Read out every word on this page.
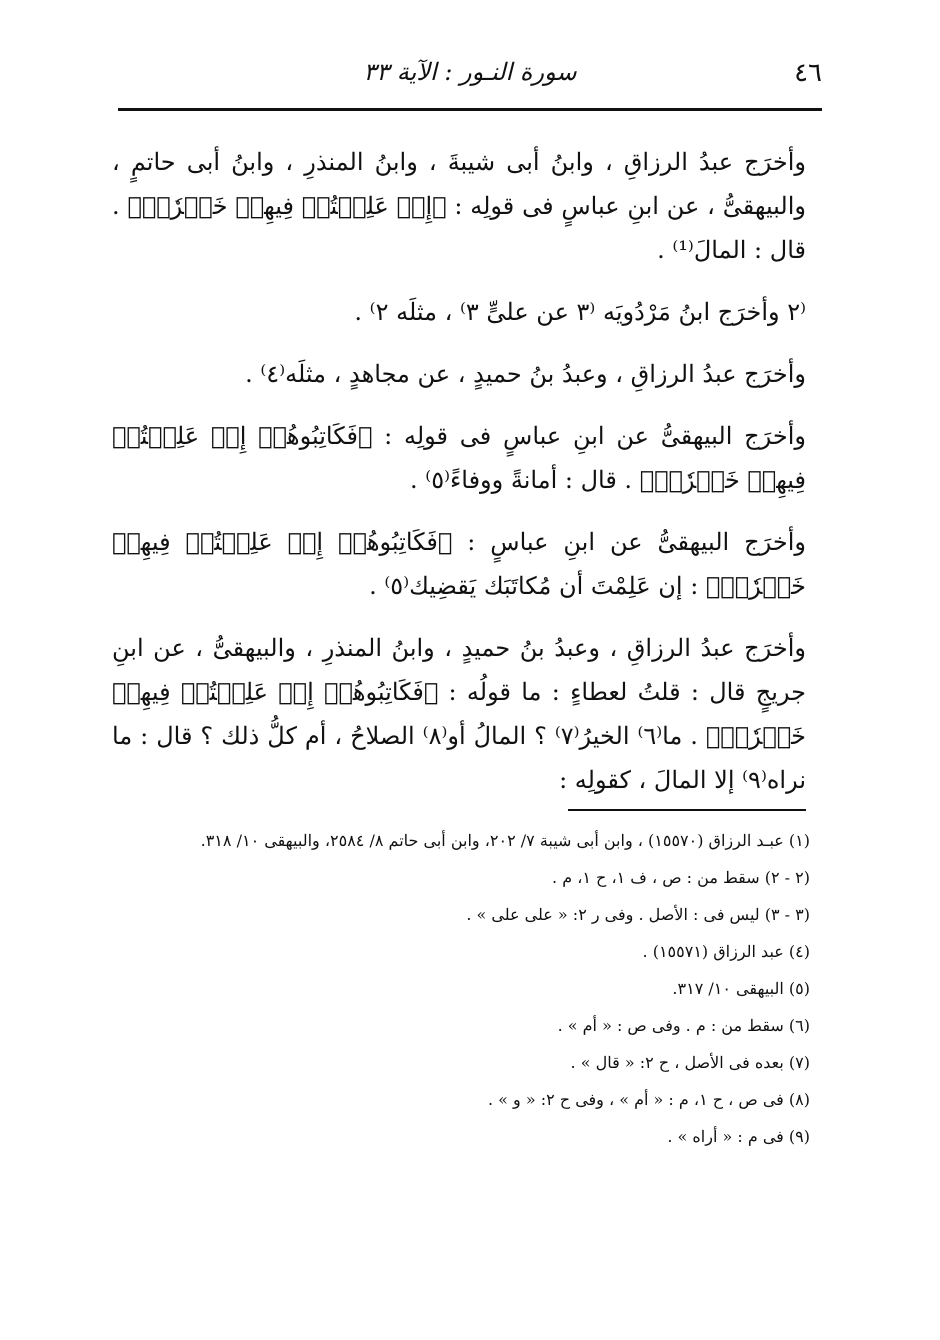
سورة النـور : الآية ٣٣	٤٦

وأخرَج عبدُ الرزاقِ ، وابنُ أبى شيبةَ ، وابنُ المنذرِ ، وابنُ أبى حاتمٍ ، والبيهقىُّ ، عن ابنِ عباسٍ فى قولِه : ﴿إِنۡ عَلِمۡتُمۡ فِيهِمۡ خَيۡرٗاۖ﴾ . قال : المالَ⁽¹⁾ .

⁽٢ وأخرَج ابنُ مَرْدُويَه ⁽٣ عن علىٍّ ٣⁾ ، مثلَه ٢⁾ .

وأخرَج عبدُ الرزاقِ ، وعبدُ بنُ حميدٍ ، عن مجاهدٍ ، مثلَه⁽٤⁾ .

وأخرَج البيهقىُّ عن ابنِ عباسٍ فى قولِه : ﴿فَكَاتِبُوهُمۡ إِنۡ عَلِمۡتُمۡ فِيهِمۡ خَيۡرٗاۖ﴾ . قال : أمانةً ووفاءً⁽٥⁾ .

وأخرَج البيهقىُّ عن ابنِ عباسٍ : ﴿فَكَاتِبُوهُمۡ إِنۡ عَلِمۡتُمۡ فِيهِمۡ خَيۡرٗاۖ﴾ : إن عَلِمْتَ أن مُكاتَبَك يَقضِيك⁽٥⁾ .

وأخرَج عبدُ الرزاقِ ، وعبدُ بنُ حميدٍ ، وابنُ المنذرِ ، والبيهقىُّ ، عن ابنِ جريجٍ قال : قلتُ لعطاءٍ : ما قولُه : ﴿فَكَاتِبُوهُمۡ إِنۡ عَلِمۡتُمۡ فِيهِمۡ خَيۡرٗاۖ﴾ . ما⁽٦⁾ الخيرُ⁽٧⁾ ؟ المالُ أو⁽٨⁾ الصلاحُ ، أم كلُّ ذلك ؟ قال : ما نراه⁽٩⁾ إلا المالَ ، كقولِه :

(١) عبـد الرزاق (١٥٥٧٠) ، وابن أبى شيبة ٧/ ٢٠٢، وابن أبى حاتم ٨/ ٢٥٨٤، والبيهقى ١٠/ ٣١٨.

(٢ - ٢) سقط من : ص ، ف ١، ح ١، م .

(٣ - ٣) ليس فى : الأصل . وفى ر ٢: « على على » .

(٤) عبد الرزاق (١٥٥٧١) .

(٥) البيهقى ١٠/ ٣١٧.

(٦) سقط من : م . وفى ص : « أم » .

(٧) بعده فى الأصل ، ح ٢: « قال » .

(٨) فى ص ، ح ١، م : « أم » ، وفى ح ٢: « و » .

(٩) فى م : « أراه » .
